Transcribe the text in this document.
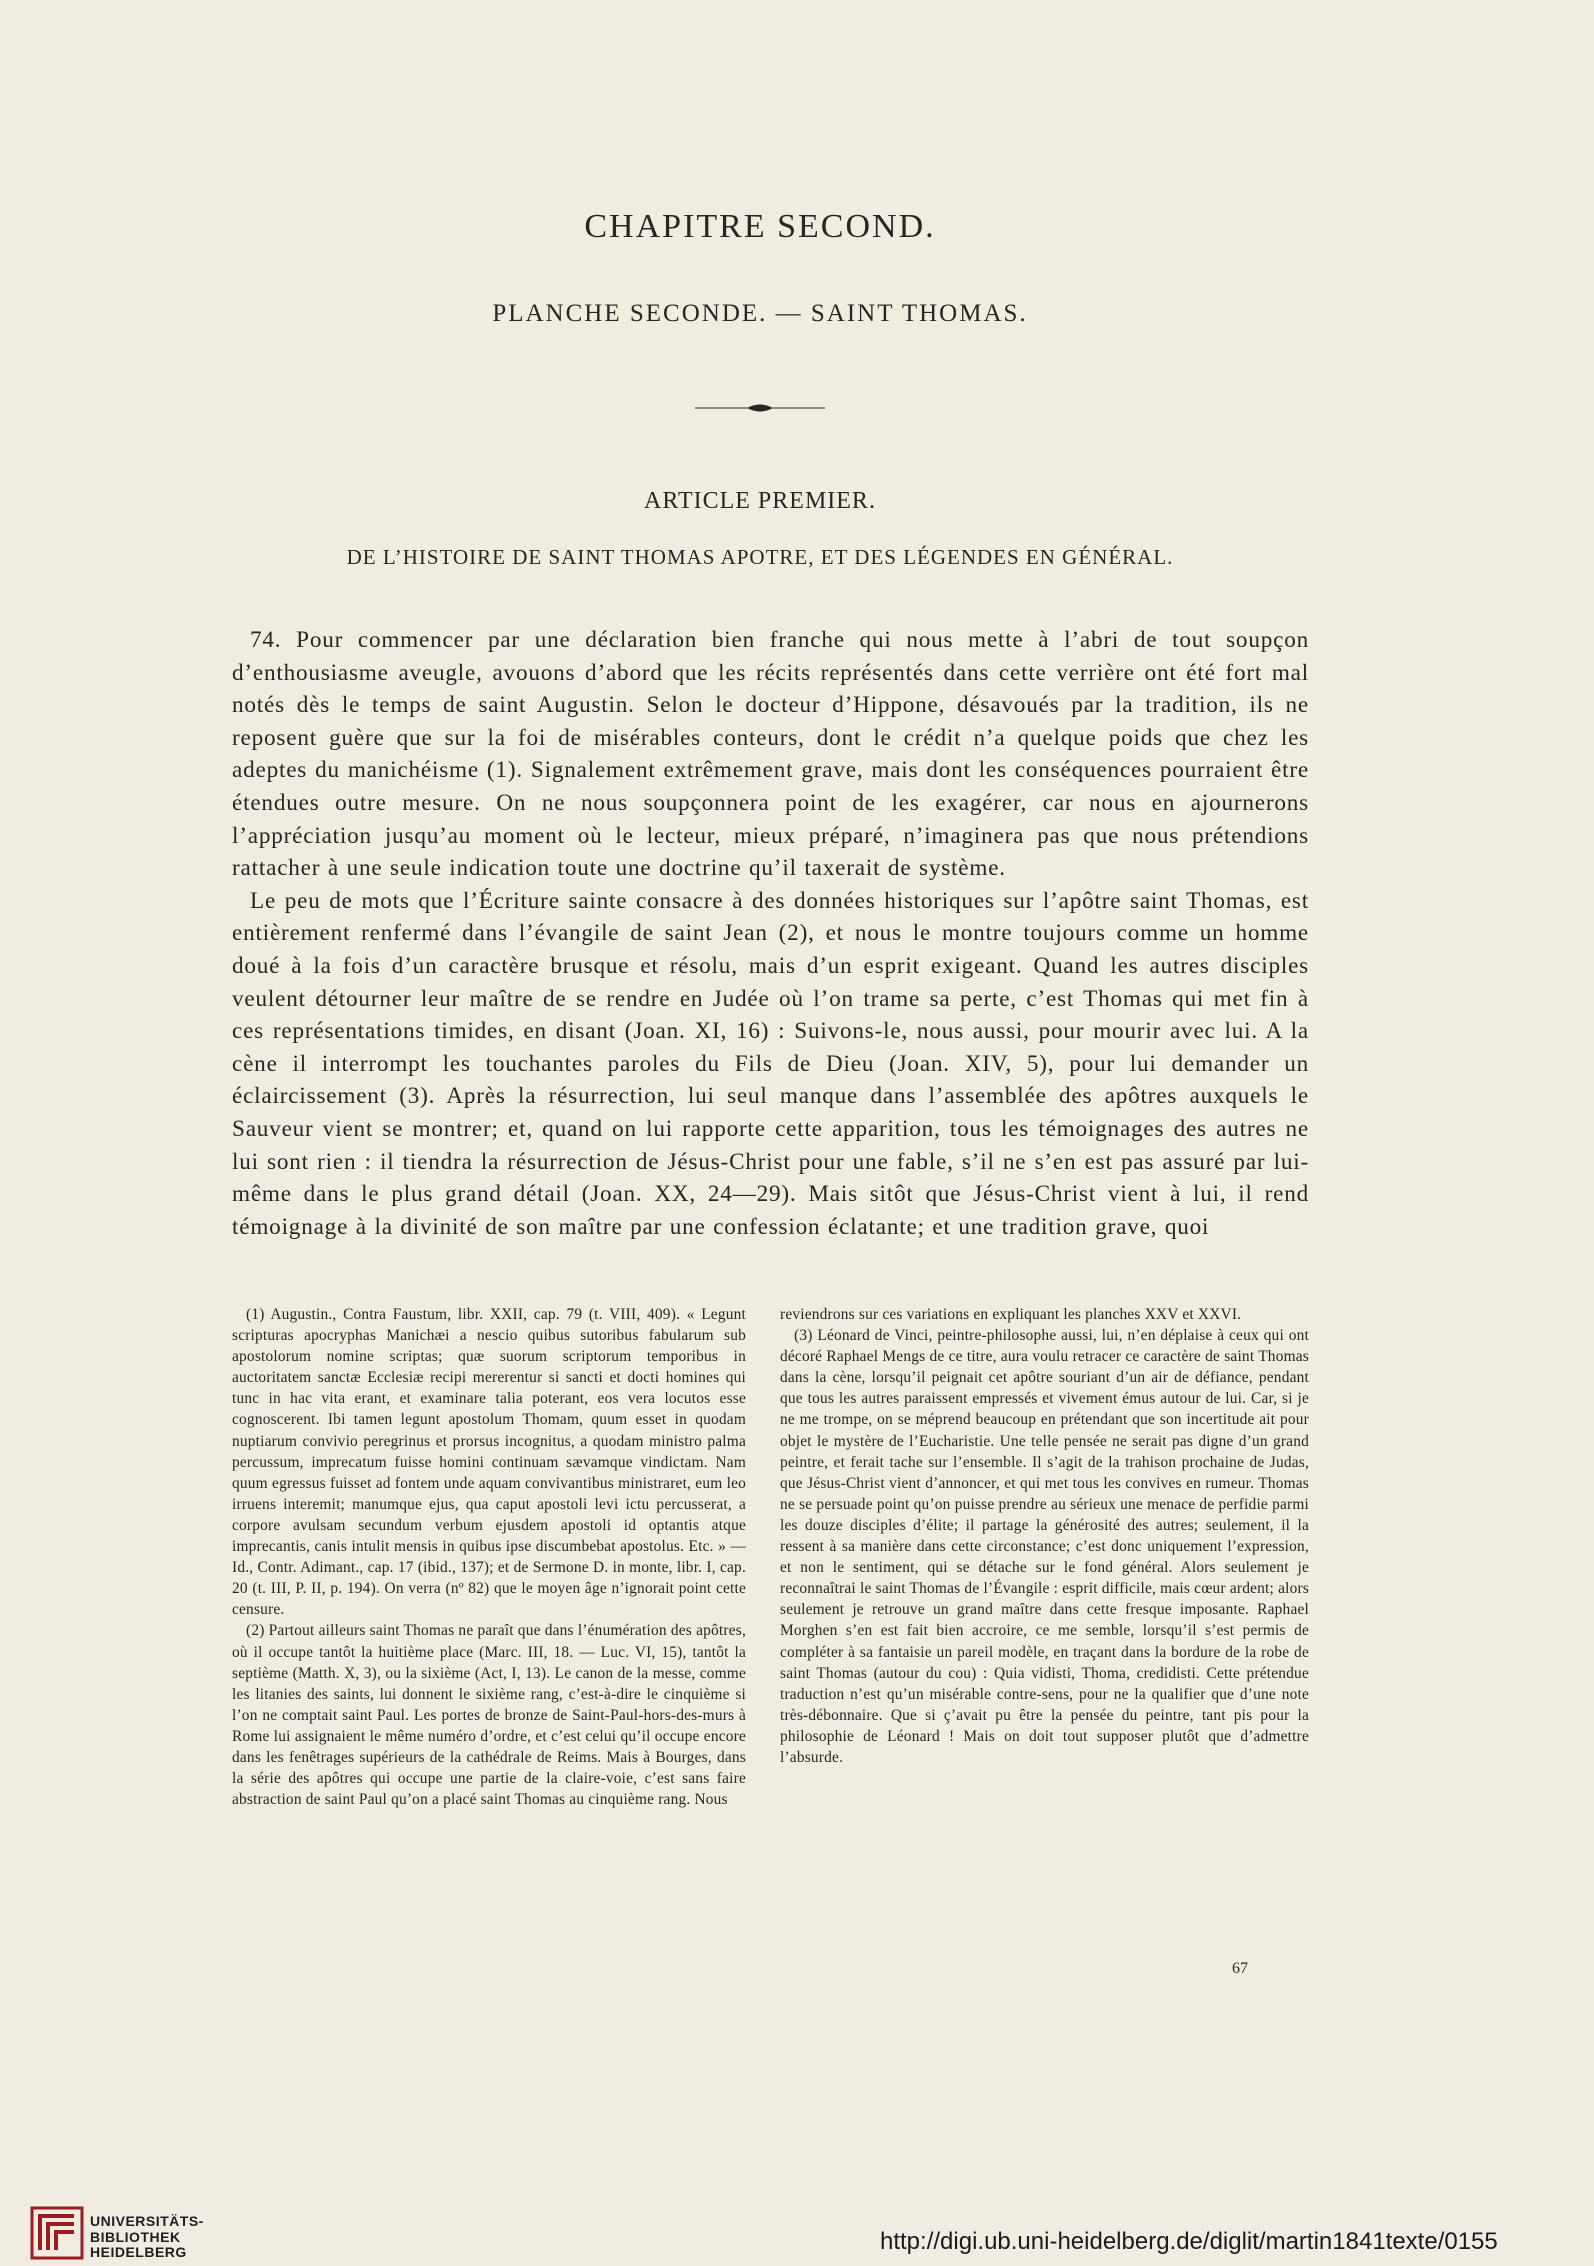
CHAPITRE SECOND.
PLANCHE SECONDE. — SAINT THOMAS.
ARTICLE PREMIER.
DE L’HISTOIRE DE SAINT THOMAS APOTRE, ET DES LÉGENDES EN GÉNÉRAL.

74. Pour commencer par une déclaration bien franche qui nous mette à l’abri de tout soupçon d’enthousiasme aveugle, avouons d’abord que les récits représentés dans cette verrière ont été fort mal notés dès le temps de saint Augustin. Selon le docteur d’Hippone, désavoués par la tradition, ils ne reposent guère que sur la foi de misérables conteurs, dont le crédit n’a quelque poids que chez les adeptes du manichéisme (1). Signalement extrêmement grave, mais dont les conséquences pourraient être étendues outre mesure. On ne nous soupçonnera point de les exagérer, car nous en ajournerons l’appréciation jusqu’au moment où le lecteur, mieux préparé, n’imaginera pas que nous prétendions rattacher à une seule indication toute une doctrine qu’il taxerait de système.

Le peu de mots que l’Écriture sainte consacre à des données historiques sur l’apôtre saint Thomas, est entièrement renfermé dans l’évangile de saint Jean (2), et nous le montre toujours comme un homme doué à la fois d’un caractère brusque et résolu, mais d’un esprit exigeant. Quand les autres disciples veulent détourner leur maître de se rendre en Judée où l’on trame sa perte, c’est Thomas qui met fin à ces représentations timides, en disant (Joan. XI, 16) : Suivons-le, nous aussi, pour mourir avec lui. A la cène il interrompt les touchantes paroles du Fils de Dieu (Joan. XIV, 5), pour lui demander un éclaircissement (3). Après la résurrection, lui seul manque dans l’assemblée des apôtres auxquels le Sauveur vient se montrer; et, quand on lui rapporte cette apparition, tous les témoignages des autres ne lui sont rien : il tiendra la résurrection de Jésus-Christ pour une fable, s’il ne s’en est pas assuré par lui-même dans le plus grand détail (Joan. XX, 24—29). Mais sitôt que Jésus-Christ vient à lui, il rend témoignage à la divinité de son maître par une confession éclatante; et une tradition grave, quoi

(1) Augustin., Contra Faustum, libr. XXII, cap. 79 (t. VIII, 409). « Legunt scripturas apocryphas Manichæi a nescio quibus sutoribus fabularum sub apostolorum nomine scriptas; quæ suorum scriptorum temporibus in auctoritatem sanctæ Ecclesiæ recipi mererentur si sancti et docti homines qui tunc in hac vita erant, et examinare talia poterant, eos vera locutos esse cognoscerent. Ibi tamen legunt apostolum Thomam, quum esset in quodam nuptiarum convivio peregrinus et prorsus incognitus, a quodam ministro palma percussum, imprecatum fuisse homini continuam sævamque vindictam. Nam quum egressus fuisset ad fontem unde aquam convivantibus ministraret, eum leo irruens interemit; manumque ejus, qua caput apostoli levi ictu percusserat, a corpore avulsam secundum verbum ejusdem apostoli id optantis atque imprecantis, canis intulit mensis in quibus ipse discumbebat apostolus. Etc. » — Id., Contr. Adimant., cap. 17 (ibid., 137); et de Sermone D. in monte, libr. I, cap. 20 (t. III, P. II, p. 194). On verra (nº 82) que le moyen âge n’ignorait point cette censure.

(2) Partout ailleurs saint Thomas ne paraît que dans l’énumération des apôtres, où il occupe tantôt la huitième place (Marc. III, 18. — Luc. VI, 15), tantôt la septième (Matth. X, 3), ou la sixième (Act, I, 13). Le canon de la messe, comme les litanies des saints, lui donnent le sixième rang, c’est-à-dire le cinquième si l’on ne comptait saint Paul. Les portes de bronze de Saint-Paul-hors-des-murs à Rome lui assignaient le même numéro d’ordre, et c’est celui qu’il occupe encore dans les fenêtrages supérieurs de la cathédrale de Reims. Mais à Bourges, dans la série des apôtres qui occupe une partie de la claire-voie, c’est sans faire abstraction de saint Paul qu’on a placé saint Thomas au cinquième rang. Nous

reviendrons sur ces variations en expliquant les planches XXV et XXVI.

(3) Léonard de Vinci, peintre-philosophe aussi, lui, n’en déplaise à ceux qui ont décoré Raphael Mengs de ce titre, aura voulu retracer ce caractère de saint Thomas dans la cène, lorsqu’il peignait cet apôtre souriant d’un air de défiance, pendant que tous les autres paraissent empressés et vivement émus autour de lui. Car, si je ne me trompe, on se méprend beaucoup en prétendant que son incertitude ait pour objet le mystère de l’Eucharistie. Une telle pensée ne serait pas digne d’un grand peintre, et ferait tache sur l’ensemble. Il s’agit de la trahison prochaine de Judas, que Jésus-Christ vient d’annoncer, et qui met tous les convives en rumeur. Thomas ne se persuade point qu’on puisse prendre au sérieux une menace de perfidie parmi les douze disciples d’élite; il partage la générosité des autres; seulement, il la ressent à sa manière dans cette circonstance; c’est donc uniquement l’expression, et non le sentiment, qui se détache sur le fond général. Alors seulement je reconnaîtrai le saint Thomas de l’Évangile : esprit difficile, mais cœur ardent; alors seulement je retrouve un grand maître dans cette fresque imposante. Raphael Morghen s’en est fait bien accroire, ce me semble, lorsqu’il s’est permis de compléter à sa fantaisie un pareil modèle, en traçant dans la bordure de la robe de saint Thomas (autour du cou) : Quia vidisti, Thoma, credidisti. Cette prétendue traduction n’est qu’un misérable contre-sens, pour ne la qualifier que d’une note très-débonnaire. Que si ç’avait pu être la pensée du peintre, tant pis pour la philosophie de Léonard ! Mais on doit tout supposer plutôt que d’admettre l’absurde.

67
UNIVERSITÄTS-
BIBLIOTHEK
HEIDELBERG	http://digi.ub.uni-heidelberg.de/diglit/martin1841texte/0155
